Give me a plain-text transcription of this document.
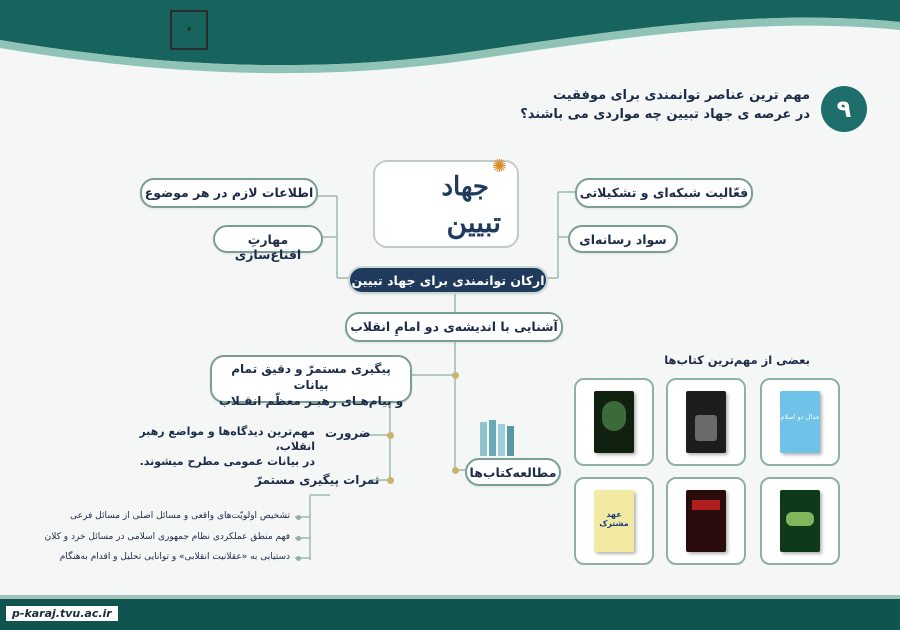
✦
۹
مهم ترین عناصر توانمندی برای موفقیت
در عرصه ی جهاد تبیین چه مواردی می باشند؟
✺
جهاد
تبیین
فعّالیت شبکه‌ای و تشکیلاتی
سواد رسانه‌ای
اطلاعات لازم در هر موضوع
مهارتِ اقناع‌سازی
ارکان توانمندی برای جهاد تبیین
آشنایی با اندیشه‌ی دو امامِ انقلاب
پیگیری مستمرّ و دقیق تمام بیانات
و پیام‌هـای رهبـر معظّم انقـلاب
ضرورت
مهم‌ترین دیدگاه‌ها و مواضع رهبر انقلاب،
در بیانات عمومی مطرح میشوند.
ثمرات پیگیری مستمرّ
تشخیص اولویّت‌های واقعی و مسائل اصلی از مسائل فرعی
فهم منطق عملکردی نظام جمهوری اسلامی در مسائل خرد و کلان
دستیابی به «عقلانیت انقلابی» و توانایی تحلیل و اقدام به‌هنگام
مطالعه‌کتاب‌ها
بعضی از مهم‌ترین کتاب‌ها
جدال دو اسلام
عهد مشترک
p-karaj.tvu.ac.ir
